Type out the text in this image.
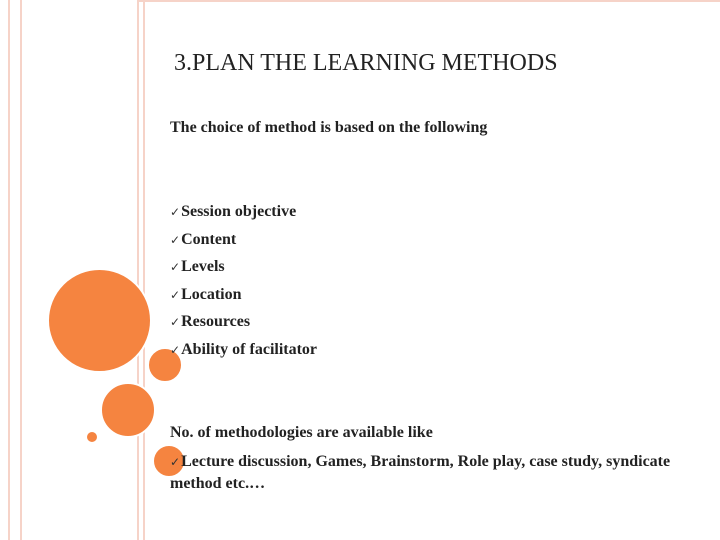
3.PLAN THE LEARNING METHODS
The choice of method is based on the following
✓Session objective
✓Content
✓Levels
✓Location
✓Resources
✓Ability of facilitator
No. of methodologies are available like
✓Lecture discussion, Games, Brainstorm, Role play, case study, syndicate method etc.…
